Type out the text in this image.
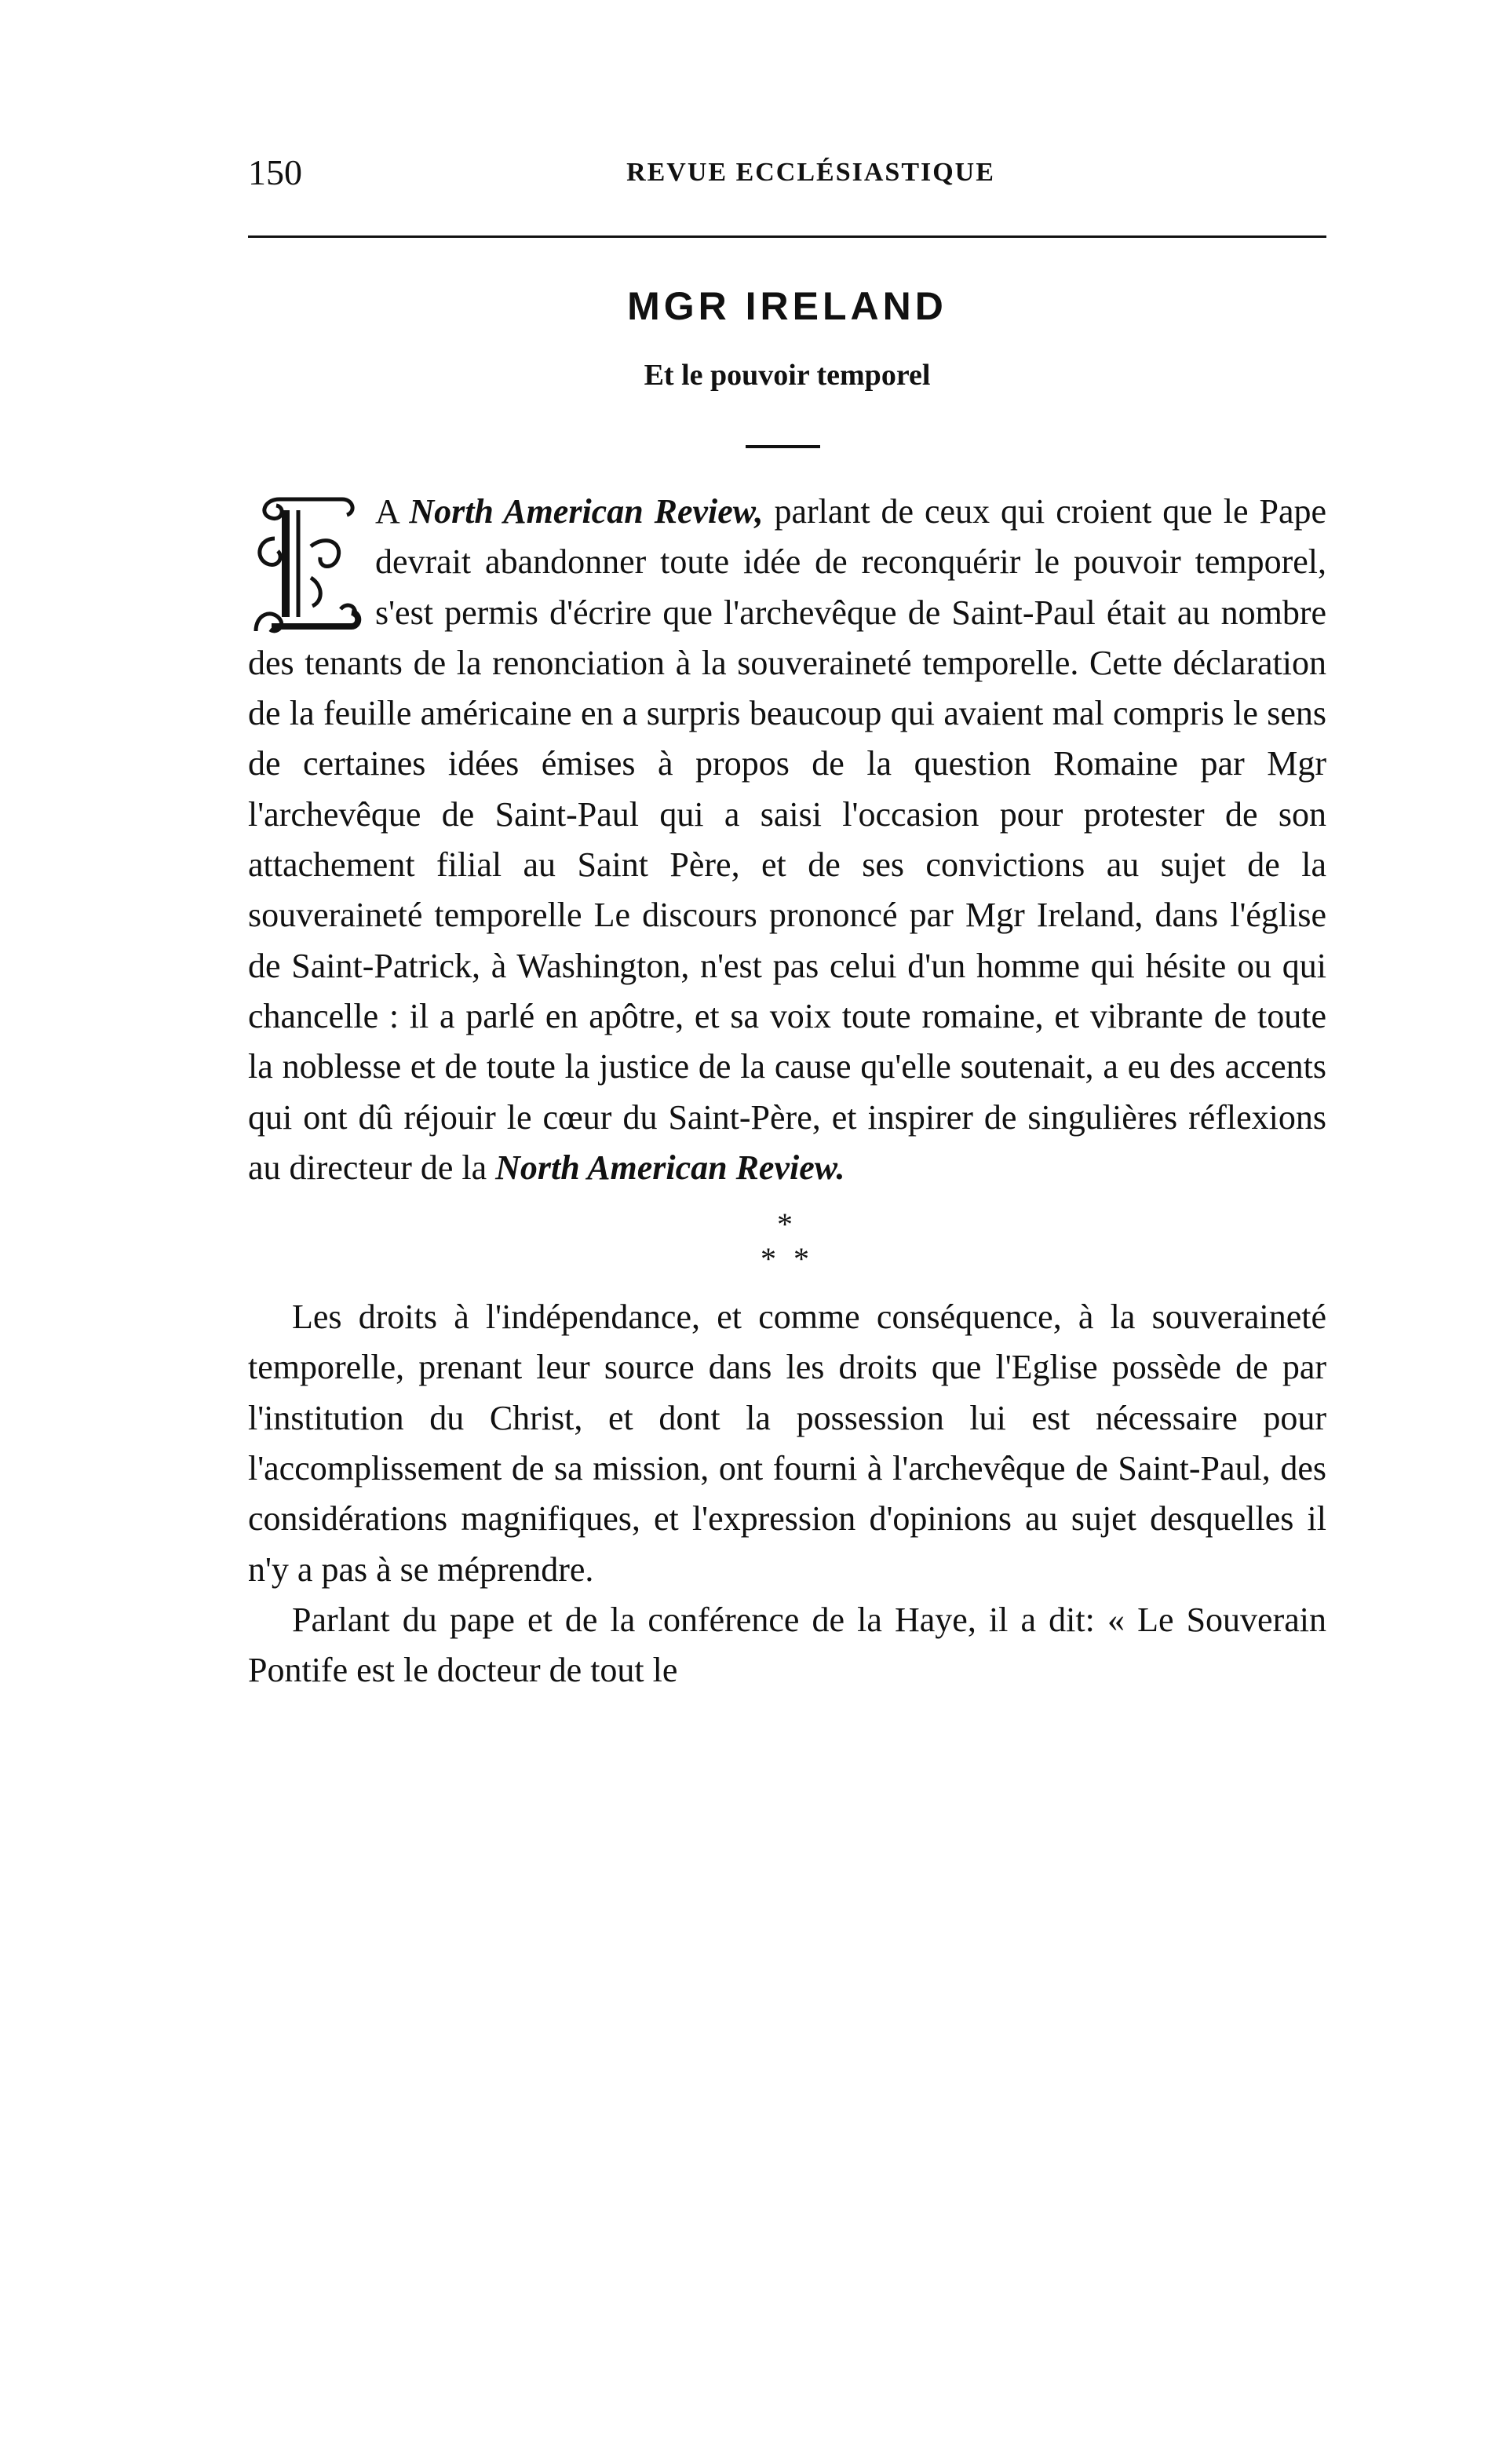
150	REVUE ECCLÉSIASTIQUE
MGR IRELAND
Et le pouvoir temporel

A North American Review, parlant de ceux qui croient que le Pape devrait abandonner toute idée de reconquérir le pouvoir temporel, s'est permis d'écrire que l'archevêque de Saint-Paul était au nombre des tenants de la renonciation à la souveraineté temporelle. Cette déclaration de la feuille américaine en a surpris beaucoup qui avaient mal compris le sens de certaines idées émises à propos de la question Romaine par Mgr l'archevêque de Saint-Paul qui a saisi l'occasion pour protester de son attachement filial au Saint Père, et de ses convictions au sujet de la souveraineté temporelle Le discours prononcé par Mgr Ireland, dans l'église de Saint-Patrick, à Washington, n'est pas celui d'un homme qui hésite ou qui chancelle : il a parlé en apôtre, et sa voix toute romaine, et vibrante de toute la noblesse et de toute la justice de la cause qu'elle soutenait, a eu des accents qui ont dû réjouir le cœur du Saint-Père, et inspirer de singulières réflexions au directeur de la North American Review.

*
* *

Les droits à l'indépendance, et comme conséquence, à la souveraineté temporelle, prenant leur source dans les droits que l'Eglise possède de par l'institution du Christ, et dont la possession lui est nécessaire pour l'accomplissement de sa mission, ont fourni à l'archevêque de Saint-Paul, des considérations magnifiques, et l'expression d'opinions au sujet desquelles il n'y a pas à se méprendre.

Parlant du pape et de la conférence de la Haye, il a dit: « Le Souverain Pontife est le docteur de tout le
